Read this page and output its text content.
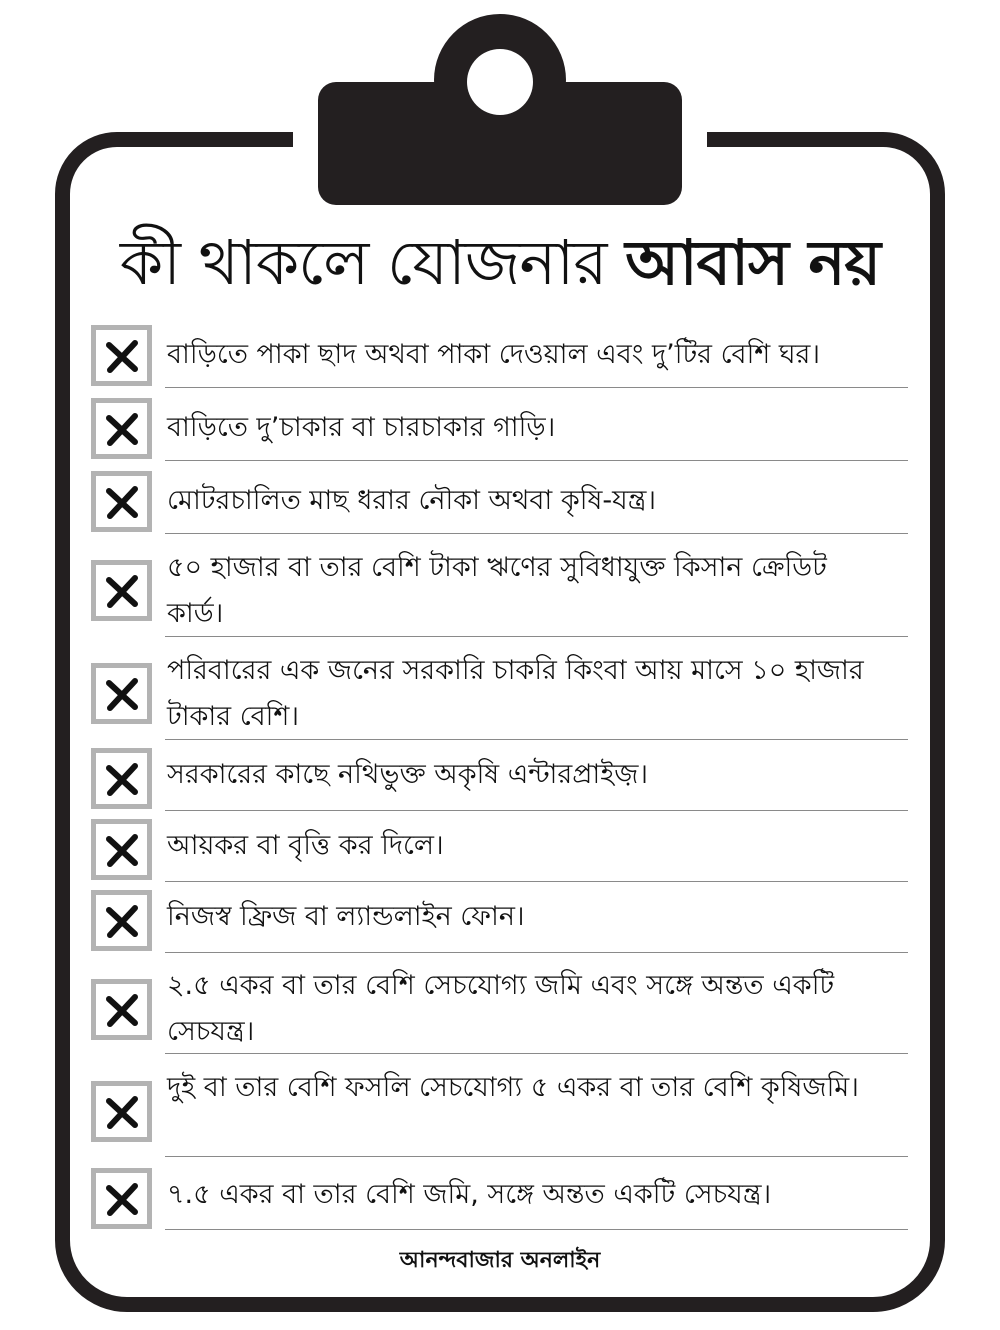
কী থাকলে যোজনার আবাস নয়
বাড়িতে পাকা ছাদ অথবা পাকা দেওয়াল এবং দু’টির বেশি ঘর।
বাড়িতে দু’চাকার বা চারচাকার গাড়ি।
মোটরচালিত মাছ ধরার নৌকা অথবা কৃষি-যন্ত্র।
৫০ হাজার বা তার বেশি টাকা ঋণের সুবিধাযুক্ত কিসান ক্রেডিট কার্ড।
পরিবারের এক জনের সরকারি চাকরি কিংবা আয় মাসে ১০ হাজার টাকার বেশি।
সরকারের কাছে নথিভুক্ত অকৃষি এন্টারপ্রাইজ়।
আয়কর বা বৃত্তি কর দিলে।
নিজস্ব ফ্রিজ বা ল্যান্ডলাইন ফোন।
২.৫ একর বা তার বেশি সেচযোগ্য জমি এবং সঙ্গে অন্তত একটি সেচযন্ত্র।
দুই বা তার বেশি ফসলি সেচযোগ্য ৫ একর বা তার বেশি কৃষিজমি।
৭.৫ একর বা তার বেশি জমি, সঙ্গে অন্তত একটি সেচযন্ত্র।
আনন্দবাজার অনলাইন
